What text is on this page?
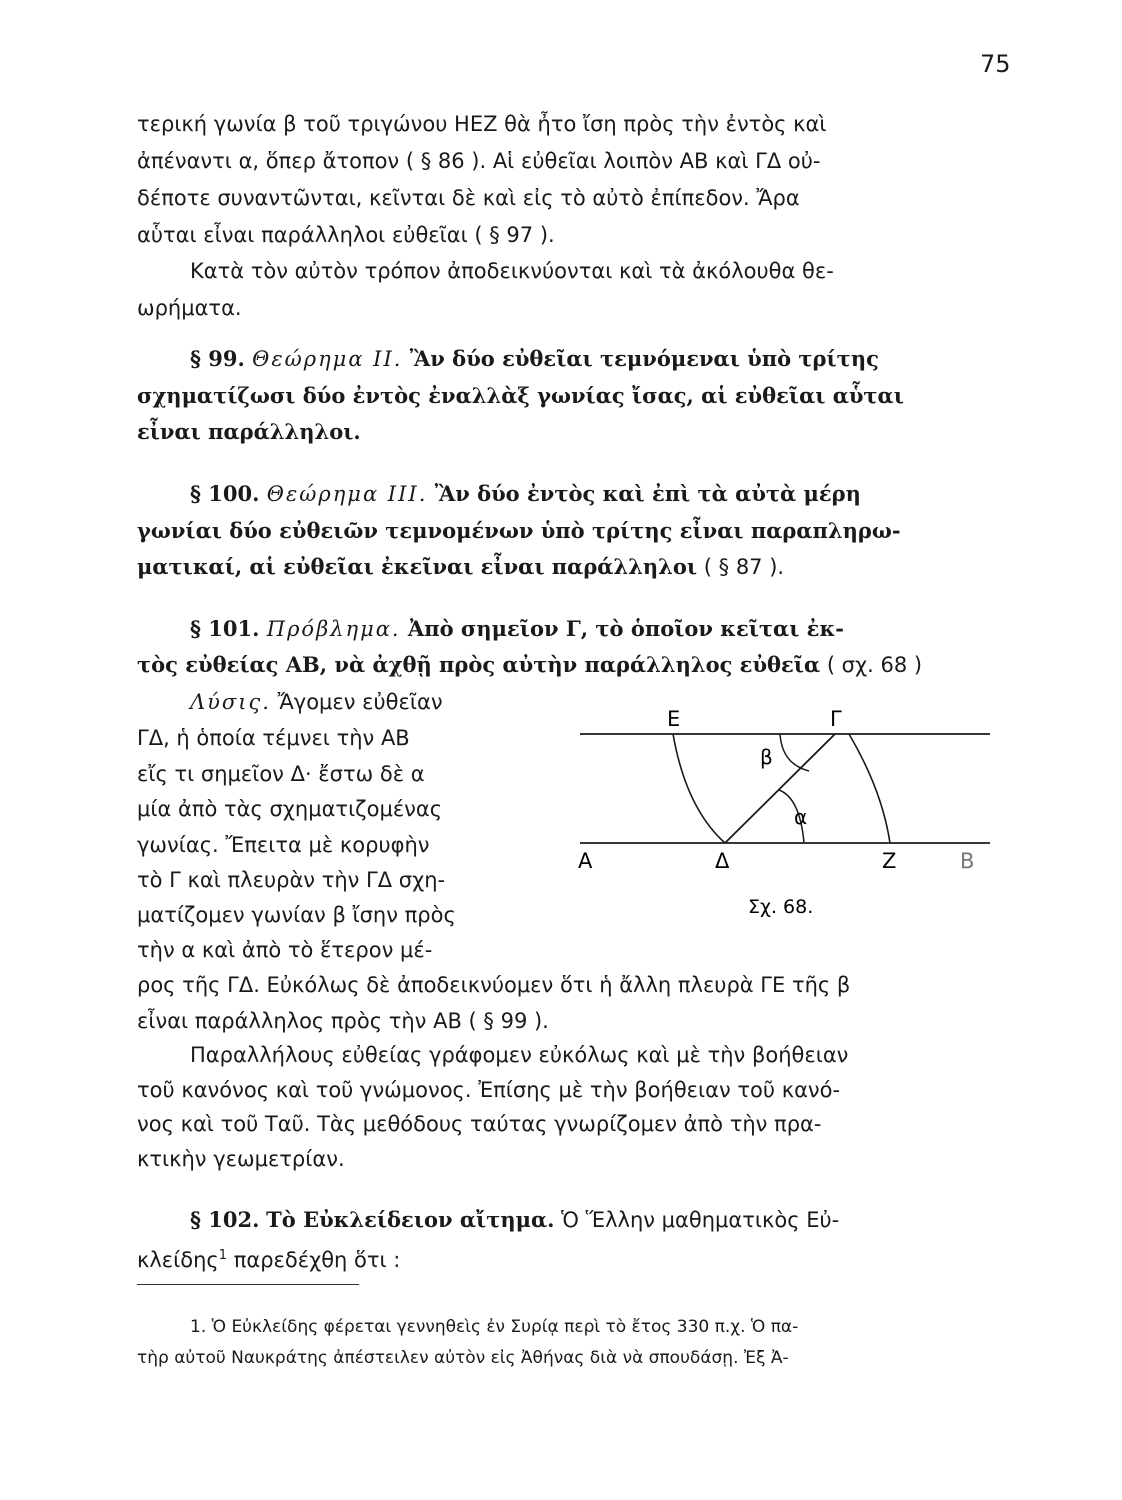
75
τερική γωνία β τοῦ τριγώνου ΗΕΖ θὰ ἦτο ἴση πρὸς τὴν ἐντὸς καὶ
ἀπέναντι α, ὅπερ ἄτοπον ( § 86 ). Αἱ εὐθεῖαι λοιπὸν ΑΒ καὶ ΓΔ οὐ-
δέποτε συναντῶνται, κεῖνται δὲ καὶ εἰς τὸ αὐτὸ ἐπίπεδον. Ἄρα
αὗται εἶναι παράλληλοι εὐθεῖαι ( § 97 ).
Κατὰ τὸν αὐτὸν τρόπον ἀποδεικνύονται καὶ τὰ ἀκόλουθα θε-
ωρήματα.
§ 99. Θεώρημα ΙΙ. Ἂν δύο εὐθεῖαι τεμνόμεναι ὑπὸ τρίτης
σχηματίζωσι δύο ἐντὸς ἐναλλὰξ γωνίας ἴσας, αἱ εὐθεῖαι αὗται
εἶναι παράλληλοι.
§ 100. Θεώρημα ΙΙΙ. Ἂν δύο ἐντὸς καὶ ἐπὶ τὰ αὐτὰ μέρη
γωνίαι δύο εὐθειῶν τεμνομένων ὑπὸ τρίτης εἶναι παραπληρω-
ματικαί, αἱ εὐθεῖαι ἐκεῖναι εἶναι παράλληλοι ( § 87 ).
§ 101. Πρόβλημα. Ἀπὸ σημεῖον Γ, τὸ ὁποῖον κεῖται ἐκ-
τὸς εὐθείας ΑΒ, νὰ ἀχθῇ πρὸς αὐτὴν παράλληλος εὐθεῖα ( σχ. 68 )
Λύσις. Ἄγομεν εὐθεῖαν
ΓΔ, ἡ ὁποία τέμνει τὴν ΑΒ
εἴς τι σημεῖον Δ· ἔστω δὲ α
μία ἀπὸ τὰς σχηματιζομένας
γωνίας. Ἔπειτα μὲ κορυφὴν
τὸ Γ καὶ πλευρὰν τὴν ΓΔ σχη-
ματίζομεν γωνίαν β ἴσην πρὸς
τὴν α καὶ ἀπὸ τὸ ἕτερον μέ-
ρος τῆς ΓΔ. Εὐκόλως δὲ ἀποδεικνύομεν ὅτι ἡ ἄλλη πλευρὰ ΓΕ τῆς β
εἶναι παράλληλος πρὸς τὴν ΑΒ ( § 99 ).
Ε	Γ
β
α
Α	Δ	Ζ	Β
Σχ. 68.
Παραλλήλους εὐθείας γράφομεν εὐκόλως καὶ μὲ τὴν βοήθειαν
τοῦ κανόνος καὶ τοῦ γνώμονος. Ἐπίσης μὲ τὴν βοήθειαν τοῦ κανό-
νος καὶ τοῦ Ταῦ. Τὰς μεθόδους ταύτας γνωρίζομεν ἀπὸ τὴν πρα-
κτικὴν γεωμετρίαν.
§ 102. Τὸ Εὐκλείδειον αἴτημα. Ὁ Ἕλλην μαθηματικὸς Εὐ-
κλείδης$^1$ παρεδέχθη ὅτι :
1. Ὁ Εὐκλείδης φέρεται γεννηθεὶς ἐν Συρίᾳ περὶ τὸ ἔτος 330 π.χ. Ὁ πα-
τὴρ αὐτοῦ Ναυκράτης ἀπέστειλεν αὐτὸν εἰς Ἀθήνας διὰ νὰ σπουδάσῃ. Ἐξ Ἀ-
